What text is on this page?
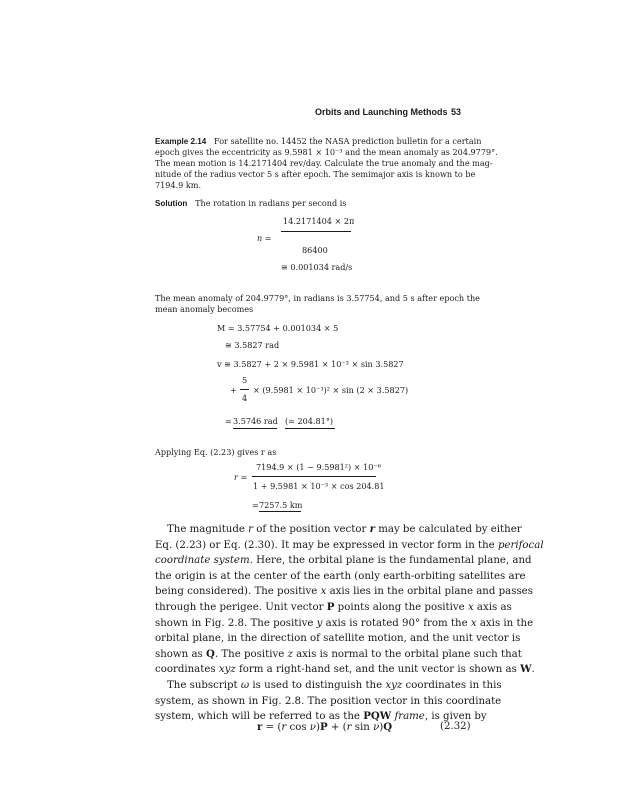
Orbits and Launching Methods 53
Example 2.14 For satellite no. 14452 the NASA prediction bulletin for a certain
epoch gives the eccentricity as 9.5981 × 10⁻³ and the mean anomaly as 204.9779°.
The mean motion is 14.2171404 rev/day. Calculate the true anomaly and the mag-
nitude of the radius vector 5 s after epoch. The semimajor axis is known to be
7194.9 km.
Solution The rotation in radians per second is
n =
14.2171404 × 2π
86400
≅ 0.001034 rad/s
The mean anomaly of 204.9779°, in radians is 3.57754, and 5 s after epoch the
mean anomaly becomes
M = 3.57754 + 0.001034 × 5
≅ 3.5827 rad
v ≅ 3.5827 + 2 × 9.5981 × 10⁻³ × sin 3.5827
+
5
4
× (9.5981 × 10⁻³)² × sin (2 × 3.5827)
= 3.5746 rad (= 204.81°)
Applying Eq. (2.23) gives r as
r =
7194.9 × (1 − 9.5981²) × 10⁻⁶
1 + 9.5981 × 10⁻³ × cos 204.81
= 7257.5 km
The magnitude r of the position vector r may be calculated by either
Eq. (2.23) or Eq. (2.30). It may be expressed in vector form in the perifocal
coordinate system. Here, the orbital plane is the fundamental plane, and
the origin is at the center of the earth (only earth-orbiting satellites are
being considered). The positive x axis lies in the orbital plane and passes
through the perigee. Unit vector P points along the positive x axis as
shown in Fig. 2.8. The positive y axis is rotated 90° from the x axis in the
orbital plane, in the direction of satellite motion, and the unit vector is
shown as Q. The positive z axis is normal to the orbital plane such that
coordinates xyz form a right-hand set, and the unit vector is shown as W.
The subscript ω is used to distinguish the xyz coordinates in this
system, as shown in Fig. 2.8. The position vector in this coordinate
system, which will be referred to as the PQW frame, is given by
r = (r cos ν)P + (r sin ν)Q	(2.32)
